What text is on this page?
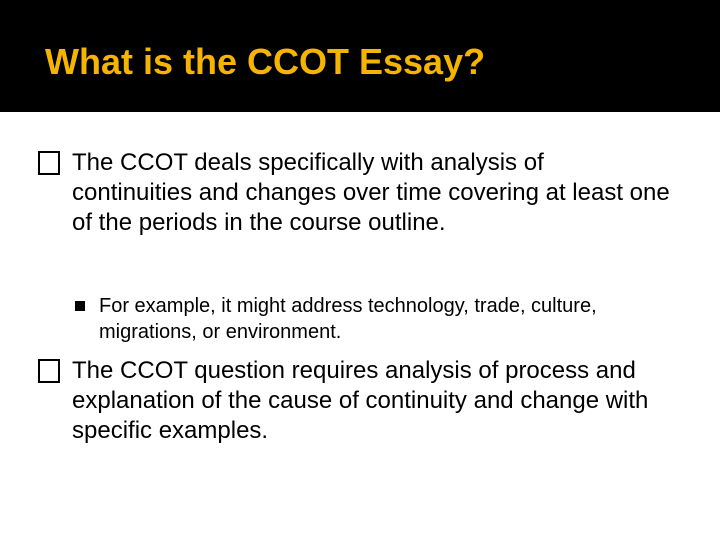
What is the CCOT Essay?
The CCOT deals specifically with analysis of continuities and changes over time covering at least one of the periods in the course outline.
For example, it might address technology, trade, culture, migrations, or environment.
The CCOT question requires analysis of process and explanation of the cause of continuity and change with specific examples.
